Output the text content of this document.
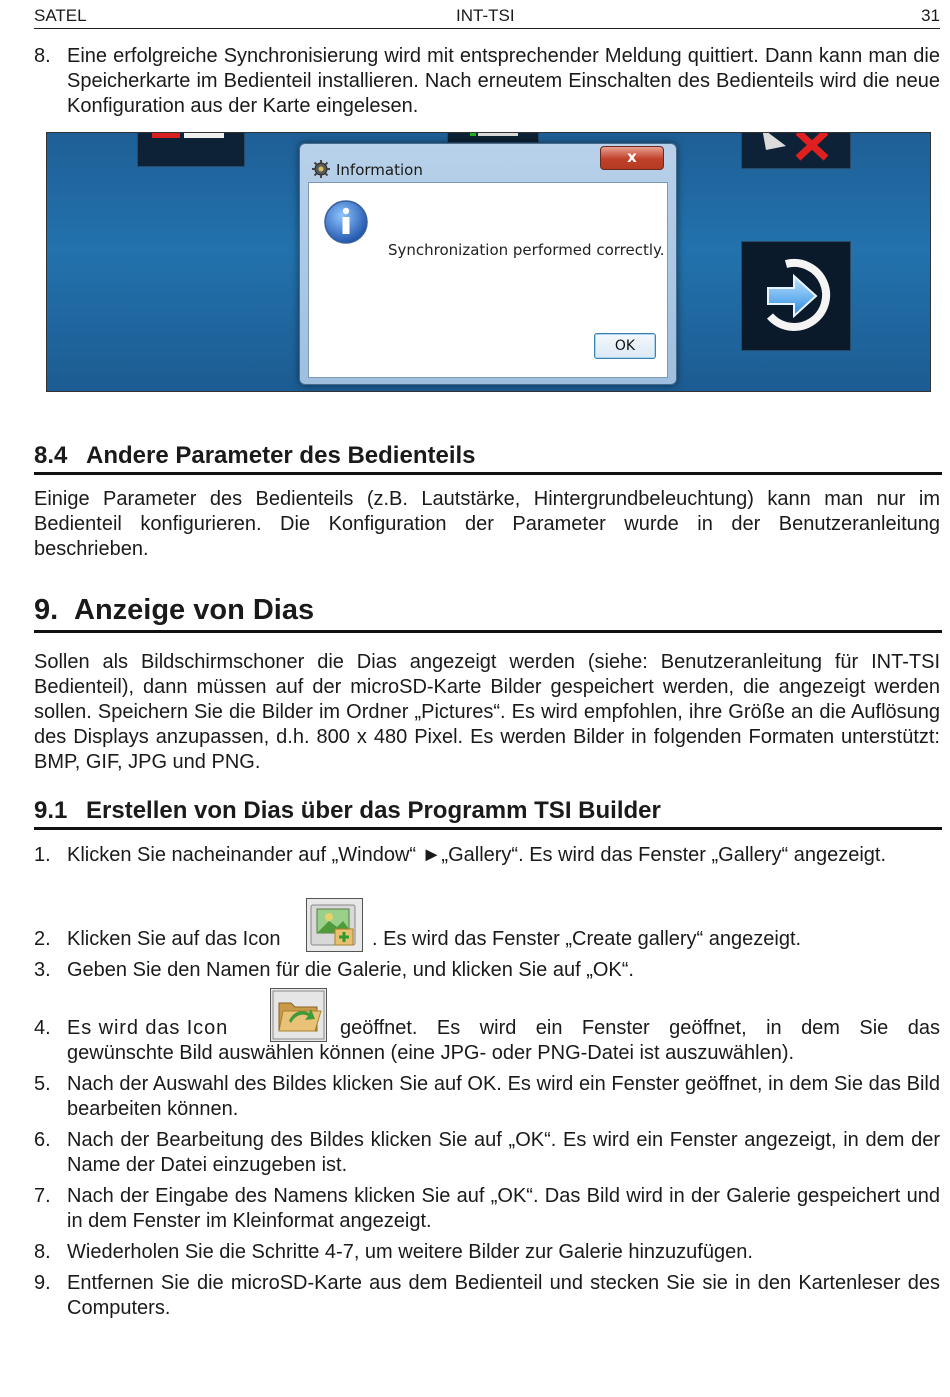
SATEL	INT-TSI	31
8. Eine erfolgreiche Synchronisierung wird mit entsprechender Meldung quittiert. Dann kann man die Speicherkarte im Bedienteil installieren. Nach erneutem Einschalten des Bedienteils wird die neue Konfiguration aus der Karte eingelesen.
Information
x
Synchronization performed correctly.
OK
8.4 Andere Parameter des Bedienteils

Einige Parameter des Bedienteils (z.B. Lautstärke, Hintergrundbeleuchtung) kann man nur im Bedienteil konfigurieren. Die Konfiguration der Parameter wurde in der Benutzeranleitung beschrieben.

9. Anzeige von Dias

Sollen als Bildschirmschoner die Dias angezeigt werden (siehe: Benutzeranleitung für INT-TSI Bedienteil), dann müssen auf der microSD-Karte Bilder gespeichert werden, die angezeigt werden sollen. Speichern Sie die Bilder im Ordner „Pictures“. Es wird empfohlen, ihre Größe an die Auflösung des Displays anzupassen, d.h. 800 x 480 Pixel. Es werden Bilder in folgenden Formaten unterstützt: BMP, GIF, JPG und PNG.

9.1 Erstellen von Dias über das Programm TSI Builder
1. Klicken Sie nacheinander auf „Window“ ►„Gallery“. Es wird das Fenster „Gallery“ angezeigt.
2. Klicken Sie auf das Icon	. Es wird das Fenster „Create gallery“ angezeigt.
3. Geben Sie den Namen für die Galerie, und klicken Sie auf „OK“.
4. Es wird das Icon	geöffnet. Es wird ein Fenster geöffnet, in dem Sie das

gewünschte Bild auswählen können (eine JPG- oder PNG-Datei ist auszuwählen).
5. Nach der Auswahl des Bildes klicken Sie auf OK. Es wird ein Fenster geöffnet, in dem Sie das Bild bearbeiten können.
6. Nach der Bearbeitung des Bildes klicken Sie auf „OK“. Es wird ein Fenster angezeigt, in dem der Name der Datei einzugeben ist.
7. Nach der Eingabe des Namens klicken Sie auf „OK“. Das Bild wird in der Galerie gespeichert und in dem Fenster im Kleinformat angezeigt.
8. Wiederholen Sie die Schritte 4-7, um weitere Bilder zur Galerie hinzuzufügen.
9. Entfernen Sie die microSD-Karte aus dem Bedienteil und stecken Sie sie in den Kartenleser des Computers.
